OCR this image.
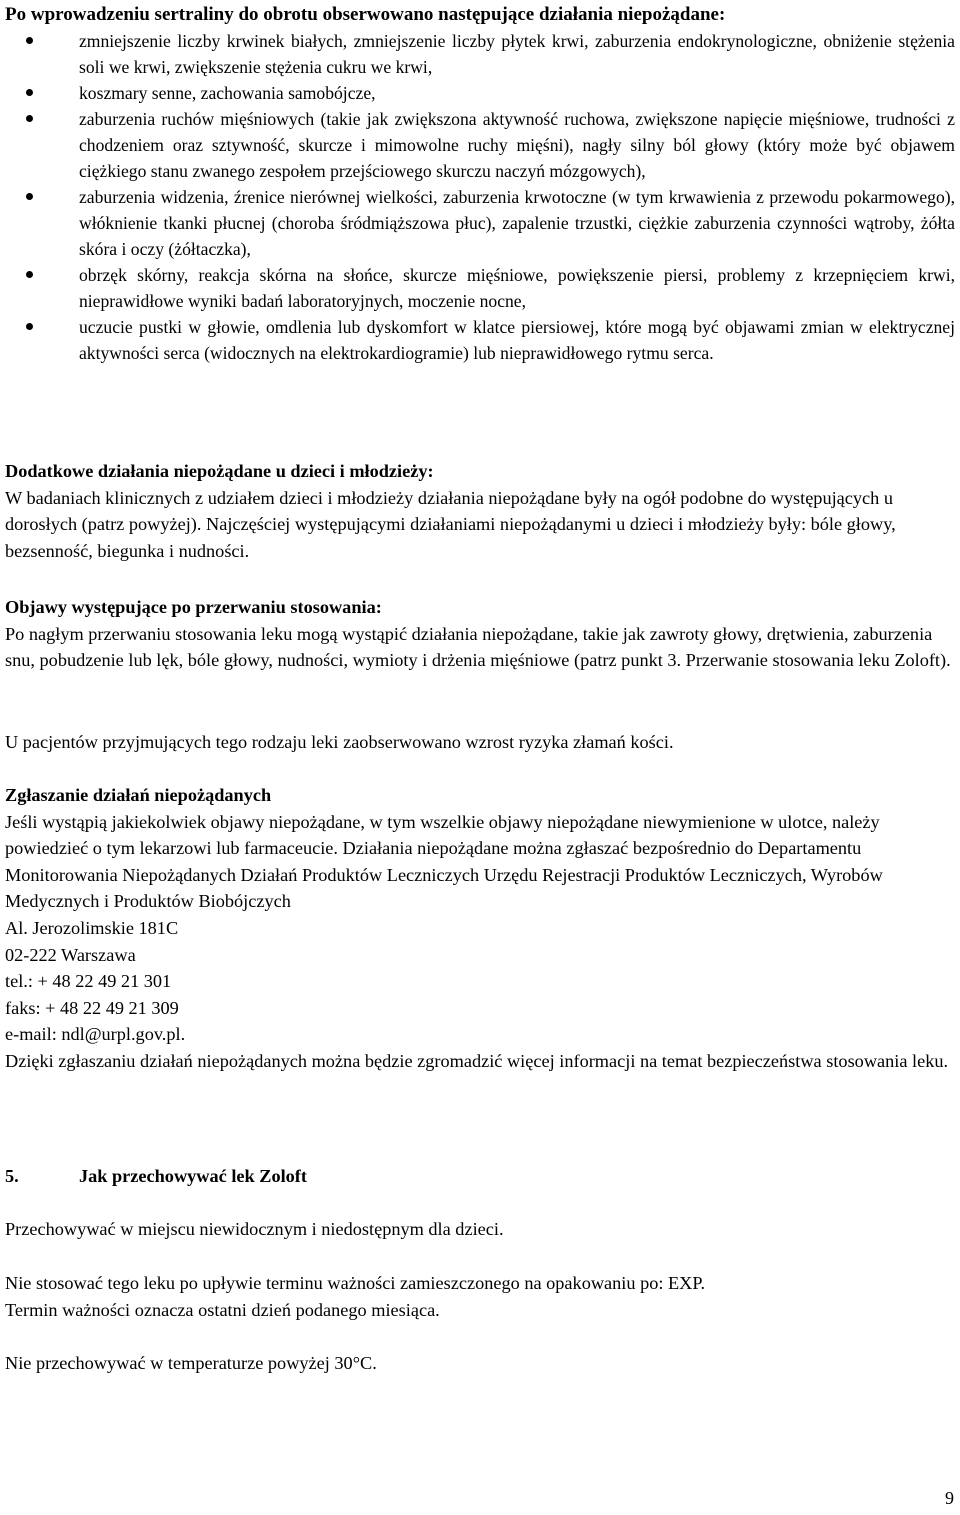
Po wprowadzeniu sertraliny do obrotu obserwowano następujące działania niepożądane:
zmniejszenie liczby krwinek białych, zmniejszenie liczby płytek krwi, zaburzenia endokrynologiczne, obniżenie stężenia soli we krwi, zwiększenie stężenia cukru we krwi,
koszmary senne, zachowania samobójcze,
zaburzenia ruchów mięśniowych (takie jak zwiększona aktywność ruchowa, zwiększone napięcie mięśniowe, trudności z chodzeniem oraz sztywność, skurcze i mimowolne ruchy mięśni), nagły silny ból głowy (który może być objawem ciężkiego stanu zwanego zespołem przejściowego skurczu naczyń mózgowych),
zaburzenia widzenia, źrenice nierównej wielkości, zaburzenia krwotoczne (w tym krwawienia z przewodu pokarmowego), włóknienie tkanki płucnej (choroba śródmiąższowa płuc), zapalenie trzustki, ciężkie zaburzenia czynności wątroby, żółta skóra i oczy (żółtaczka),
obrzęk skórny, reakcja skórna na słońce, skurcze mięśniowe, powiększenie piersi, problemy z krzepnięciem krwi, nieprawidłowe wyniki badań laboratoryjnych, moczenie nocne,
uczucie pustki w głowie, omdlenia lub dyskomfort w klatce piersiowej, które mogą być objawami zmian w elektrycznej aktywności serca (widocznych na elektrokardiogramie) lub nieprawidłowego rytmu serca.

Dodatkowe działania niepożądane u dzieci i młodzieży:

W badaniach klinicznych z udziałem dzieci i młodzieży działania niepożądane były na ogół podobne do występujących u dorosłych (patrz powyżej). Najczęściej występującymi działaniami niepożądanymi u dzieci i młodzieży były: bóle głowy, bezsenność, biegunka i nudności.

Objawy występujące po przerwaniu stosowania:

Po nagłym przerwaniu stosowania leku mogą wystąpić działania niepożądane, takie jak zawroty głowy, drętwienia, zaburzenia snu, pobudzenie lub lęk, bóle głowy, nudności, wymioty i drżenia mięśniowe (patrz punkt 3. Przerwanie stosowania leku Zoloft).

U pacjentów przyjmujących tego rodzaju leki zaobserwowano wzrost ryzyka złamań kości.

Zgłaszanie działań niepożądanych

Jeśli wystąpią jakiekolwiek objawy niepożądane, w tym wszelkie objawy niepożądane niewymienione w ulotce, należy powiedzieć o tym lekarzowi lub farmaceucie. Działania niepożądane można zgłaszać bezpośrednio do Departamentu Monitorowania Niepożądanych Działań Produktów Leczniczych Urzędu Rejestracji Produktów Leczniczych, Wyrobów Medycznych i Produktów Biobójczych

Al. Jerozolimskie 181C

02-222 Warszawa

tel.: + 48 22 49 21 301

faks: + 48 22 49 21 309

e-mail: ndl@urpl.gov.pl.

Dzięki zgłaszaniu działań niepożądanych można będzie zgromadzić więcej informacji na temat bezpieczeństwa stosowania leku.

5.	Jak przechowywać lek Zoloft

Przechowywać w miejscu niewidocznym i niedostępnym dla dzieci.

Nie stosować tego leku po upływie terminu ważności zamieszczonego na opakowaniu po: EXP.

Termin ważności oznacza ostatni dzień podanego miesiąca.

Nie przechowywać w temperaturze powyżej 30°C.

9
